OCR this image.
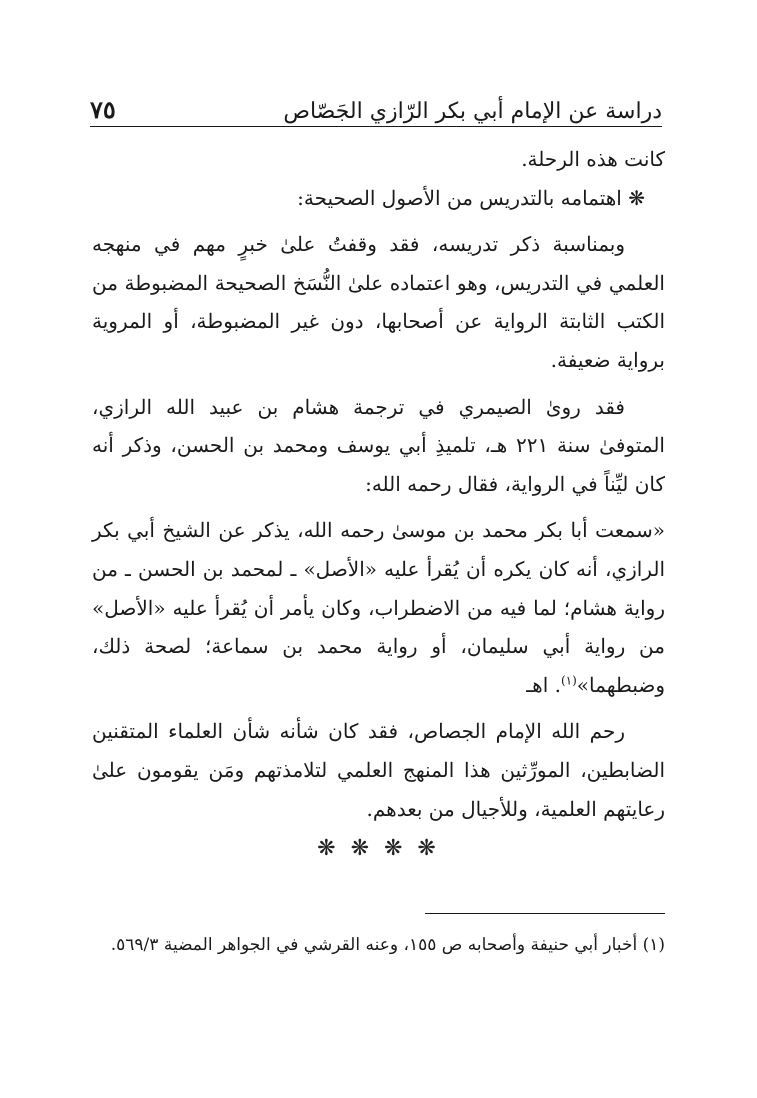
٧٥	دراسة عن الإمام أبي بكر الرّازي الجَصّاص

كانت هذه الرحلة.

❋ اهتمامه بالتدريس من الأصول الصحيحة:

وبمناسبة ذكر تدريسه، فقد وقفتُ علىٰ خبرٍ مهم في منهجه العلمي في التدريس، وهو اعتماده علىٰ النُّسَخ الصحيحة المضبوطة من الكتب الثابتة الرواية عن أصحابها، دون غير المضبوطة، أو المروية برواية ضعيفة.

فقد روىٰ الصيمري في ترجمة هشام بن عبيد الله الرازي، المتوفىٰ سنة ٢٢١ هـ، تلميذِ أبي يوسف ومحمد بن الحسن، وذكر أنه كان ليِّناً في الرواية، فقال رحمه الله:

«سمعت أبا بكر محمد بن موسىٰ رحمه الله، يذكر عن الشيخ أبي بكر الرازي، أنه كان يكره أن يُقرأ عليه «الأصل» ـ لمحمد بن الحسن ـ من رواية هشام؛ لما فيه من الاضطراب، وكان يأمر أن يُقرأ عليه «الأصل» من رواية أبي سليمان، أو رواية محمد بن سماعة؛ لصحة ذلك، وضبطهما»$^{(١)}$. اهـ

رحم الله الإمام الجصاص، فقد كان شأنه شأن العلماء المتقنين الضابطين، المورِّثين هذا المنهج العلمي لتلامذتهم ومَن يقومون علىٰ رعايتهم العلمية، وللأجيال من بعدهم.

❋ ❋ ❋ ❋
(١) أخبار أبي حنيفة وأصحابه ص ١٥٥، وعنه القرشي في الجواهر المضية ٥٦٩/٣.
